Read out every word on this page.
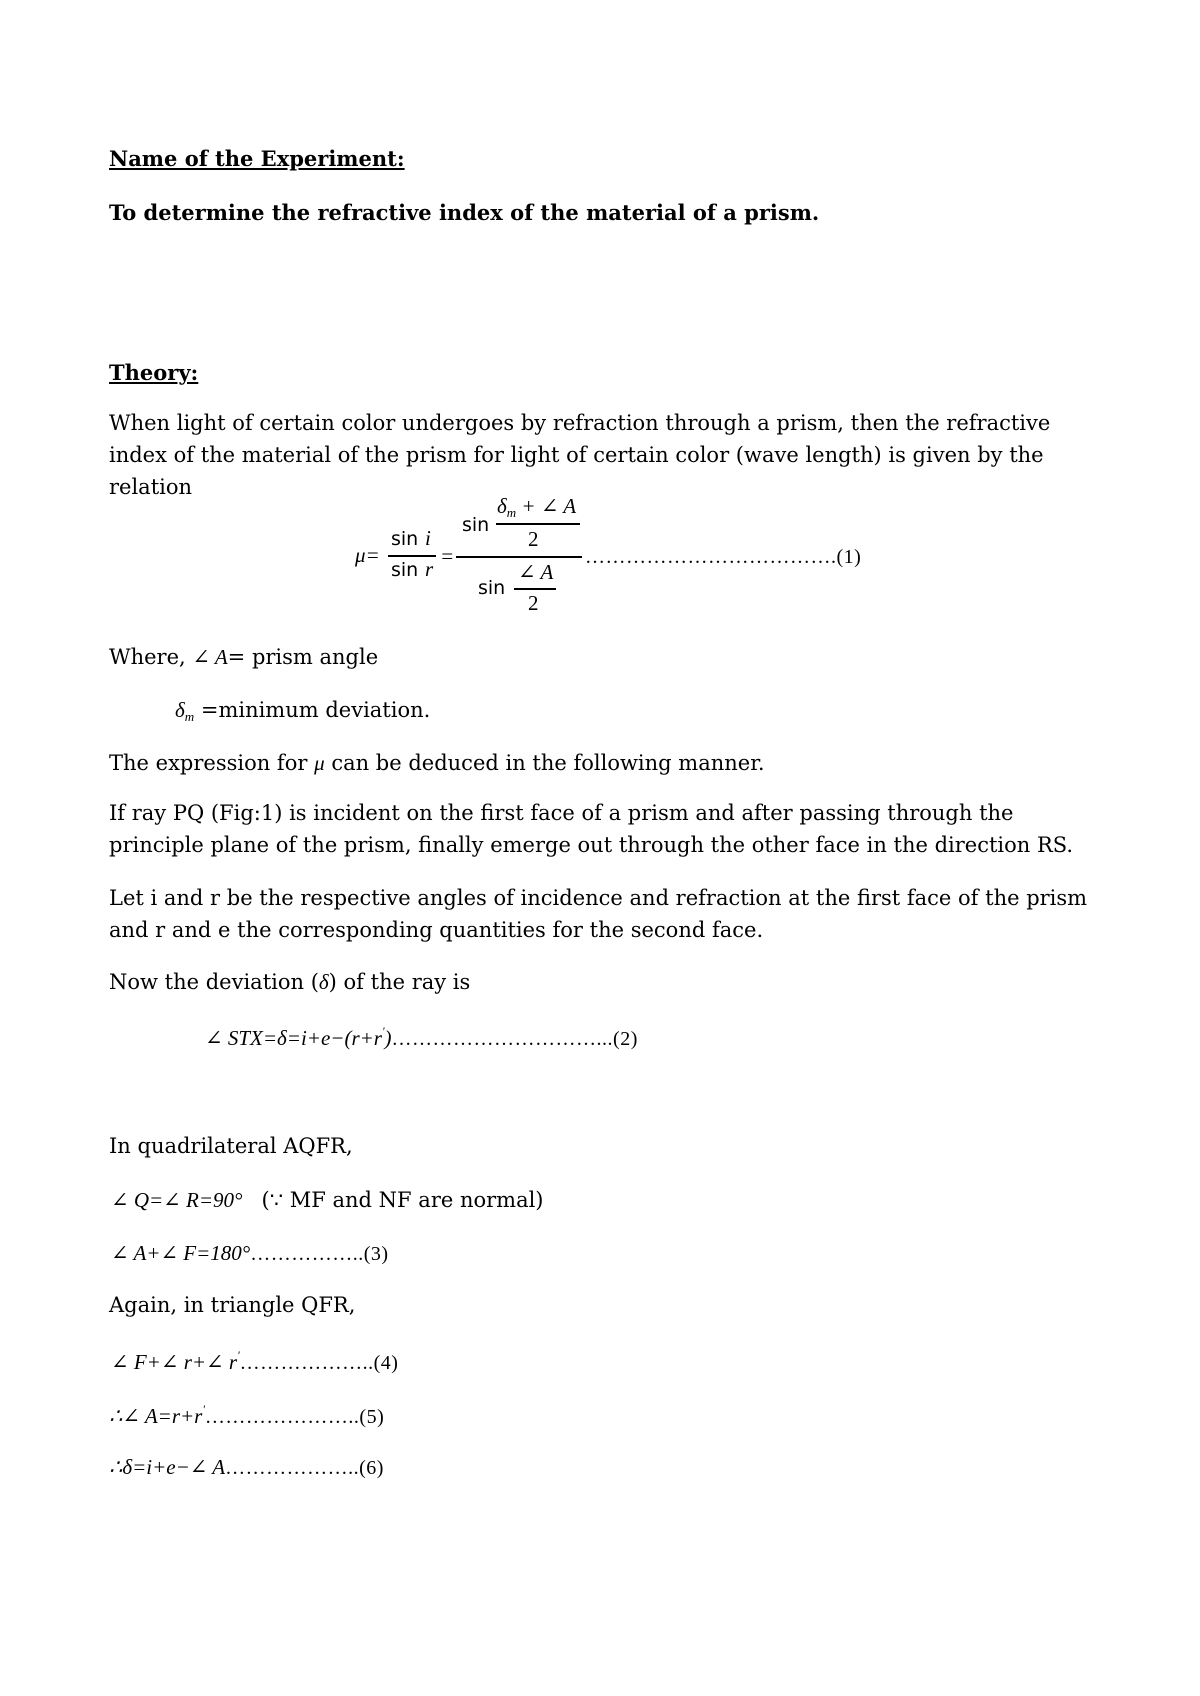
Name of the Experiment:
To determine the refractive index of the material of a prism.
Theory:
When light of certain color undergoes by refraction through a prism, then the refractive index of the material of the prism for light of certain color (wave length) is given by the relation
μ=
sin i
sin r
=
sin
$\delta_m$ + ∠ A
2
sin
∠ A
2
……………………………….(1)
Where, ∠ A= prism angle
$\delta_m$ =minimum deviation.
The expression for μ can be deduced in the following manner.
If ray PQ (Fig:1) is incident on the first face of a prism and after passing through the principle plane of the prism, finally emerge out through the other face in the direction RS.
Let i and r be the respective angles of incidence and refraction at the first face of the prism and r and e the corresponding quantities for the second face.
Now the deviation (δ) of the ray is
∠ STX=δ=i+e−(r+r')…………………………...(2)
In quadrilateral AQFR,
∠ Q=∠ R=90° (∵ MF and NF are normal)
∠ A+∠ F=180°……………..(3)
Again, in triangle QFR,
∠ F+∠ r+∠ r'………………..(4)
∴∠ A=r+r'…………………..(5)
∴δ=i+e−∠ A………………..(6)
